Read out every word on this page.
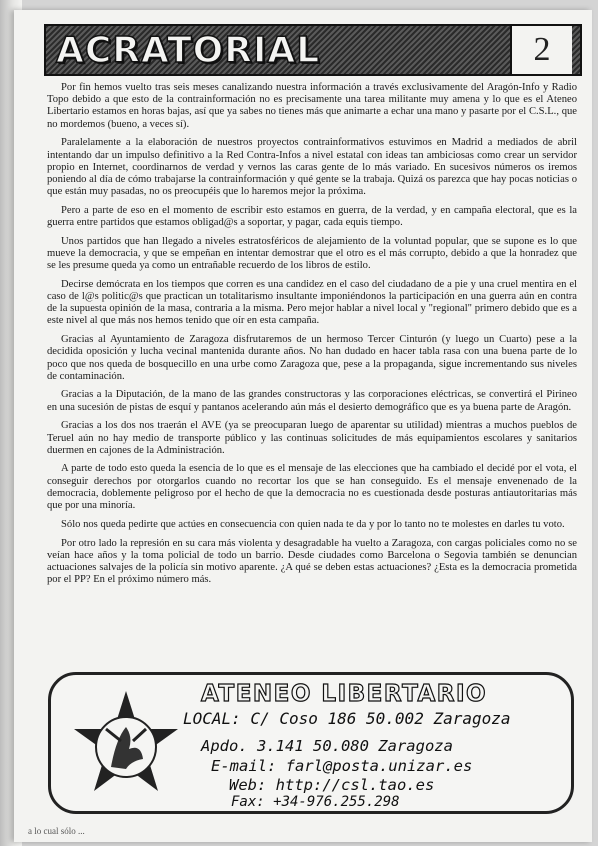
ACRATORIAL	2

Por fin hemos vuelto tras seis meses canalizando nuestra información a través exclusivamente del Aragón-Info y Radio Topo debido a que esto de la contrainformación no es precisamente una tarea militante muy amena y lo que es el Ateneo Libertario estamos en horas bajas, así que ya sabes no tienes más que animarte a echar una mano y pasarte por el C.S.L., que no mordemos (bueno, a veces sí).

Paralelamente a la elaboración de nuestros proyectos contrainformativos estuvimos en Madrid a mediados de abril intentando dar un impulso definitivo a la Red Contra-Infos a nivel estatal con ideas tan ambiciosas como crear un servidor propio en Internet, coordinarnos de verdad y vernos las caras gente de lo más variado. En sucesivos números os iremos poniendo al día de cómo trabajarse la contrainformación y qué gente se la trabaja. Quizá os parezca que hay pocas noticias o que están muy pasadas, no os preocupéis que lo haremos mejor la próxima.

Pero a parte de eso en el momento de escribir esto estamos en guerra, de la verdad, y en campaña electoral, que es la guerra entre partidos que estamos obligad@s a soportar, y pagar, cada equis tiempo.

Unos partidos que han llegado a niveles estratosféricos de alejamiento de la voluntad popular, que se supone es lo que mueve la democracia, y que se empeñan en intentar demostrar que el otro es el más corrupto, debido a que la honradez que se les presume queda ya como un entrañable recuerdo de los libros de estilo.

Decirse demócrata en los tiempos que corren es una candidez en el caso del ciudadano de a pie y una cruel mentira en el caso de l@s politic@s que practican un totalitarismo insultante imponiéndonos la participación en una guerra aún en contra de la supuesta opinión de la masa, contraria a la misma. Pero mejor hablar a nivel local y "regional" primero debido que es a este nivel al que más nos hemos tenido que oír en esta campaña.

Gracias al Ayuntamiento de Zaragoza disfrutaremos de un hermoso Tercer Cinturón (y luego un Cuarto) pese a la decidida oposición y lucha vecinal mantenida durante años. No han dudado en hacer tabla rasa con una buena parte de lo poco que nos queda de bosquecillo en una urbe como Zaragoza que, pese a la propaganda, sigue incrementando sus niveles de contaminación.

Gracias a la Diputación, de la mano de las grandes constructoras y las corporaciones eléctricas, se convertirá el Pirineo en una sucesión de pistas de esquí y pantanos acelerando aún más el desierto demográfico que es ya buena parte de Aragón.

Gracias a los dos nos traerán el AVE (ya se preocuparan luego de aparentar su utilidad) mientras a muchos pueblos de Teruel aún no hay medio de transporte público y las continuas solicitudes de más equipamientos escolares y sanitarios duermen en cajones de la Administración.

A parte de todo esto queda la esencia de lo que es el mensaje de las elecciones que ha cambiado el decidé por el vota, el conseguir derechos por otorgarlos cuando no recortar los que se han conseguido. Es el mensaje envenenado de la democracia, doblemente peligroso por el hecho de que la democracia no es cuestionada desde posturas antiautoritarias más que por una minoría.

Sólo nos queda pedirte que actúes en consecuencia con quien nada te da y por lo tanto no te molestes en darles tu voto.

Por otro lado la represión en su cara más violenta y desagradable ha vuelto a Zaragoza, con cargas policiales como no se veían hace años y la toma policial de todo un barrio. Desde ciudades como Barcelona o Segovia también se denuncian actuaciones salvajes de la policía sin motivo aparente. ¿A qué se deben estas actuaciones? ¿Esta es la democracia prometida por el PP? En el próximo número más.

ATENEO LIBERTARIO
LOCAL: C/ Coso 186 50.002 Zaragoza
Apdo. 3.141 50.080 Zaragoza
E-mail: farl@posta.unizar.es
Web: http://csl.tao.es
Fax: +34-976.255.298
a lo cual sólo ...
